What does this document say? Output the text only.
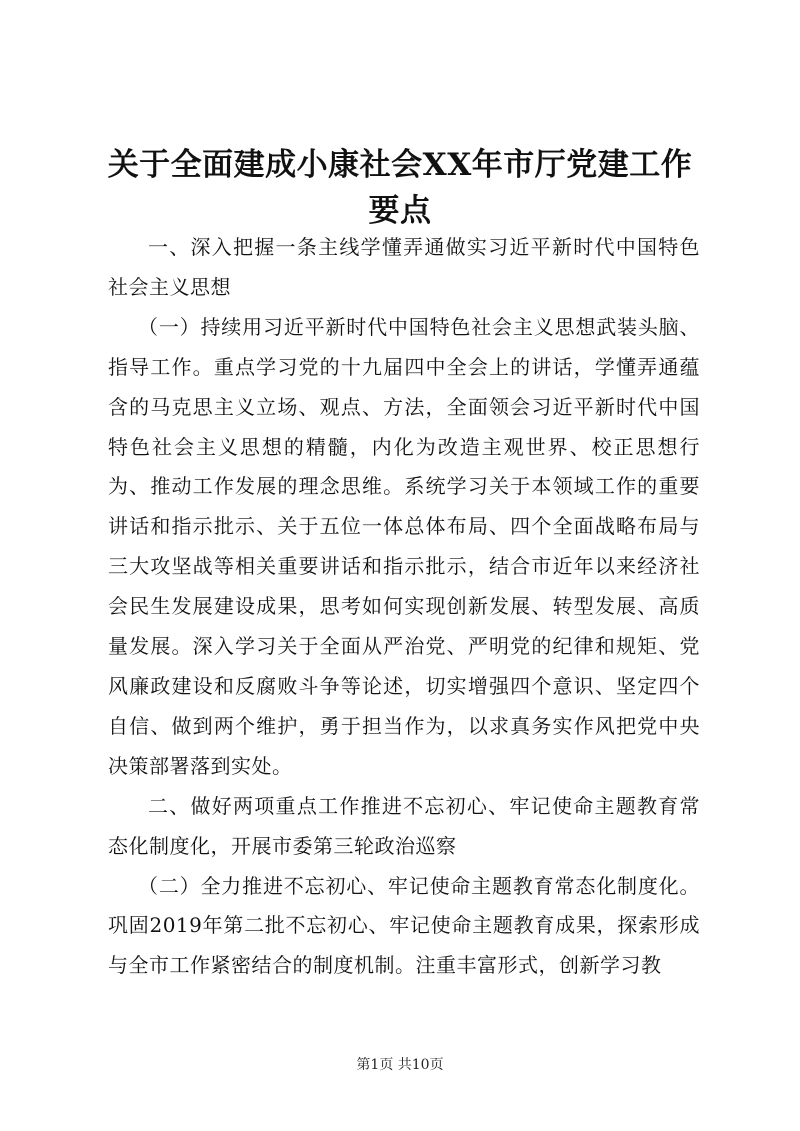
关于全面建成小康社会XX年市厅党建工作要点

一、深入把握一条主线学懂弄通做实习近平新时代中国特色社会主义思想

（一）持续用习近平新时代中国特色社会主义思想武装头脑、指导工作。重点学习党的十九届四中全会上的讲话，学懂弄通蕴含的马克思主义立场、观点、方法，全面领会习近平新时代中国特色社会主义思想的精髓，内化为改造主观世界、校正思想行为、推动工作发展的理念思维。系统学习关于本领域工作的重要讲话和指示批示、关于五位一体总体布局、四个全面战略布局与三大攻坚战等相关重要讲话和指示批示，结合市近年以来经济社会民生发展建设成果，思考如何实现创新发展、转型发展、高质量发展。深入学习关于全面从严治党、严明党的纪律和规矩、党风廉政建设和反腐败斗争等论述，切实增强四个意识、坚定四个自信、做到两个维护，勇于担当作为，以求真务实作风把党中央决策部署落到实处。

二、做好两项重点工作推进不忘初心、牢记使命主题教育常态化制度化，开展市委第三轮政治巡察

（二）全力推进不忘初心、牢记使命主题教育常态化制度化。巩固2019年第二批不忘初心、牢记使命主题教育成果，探索形成与全市工作紧密结合的制度机制。注重丰富形式，创新学习教

第1页 共10页
